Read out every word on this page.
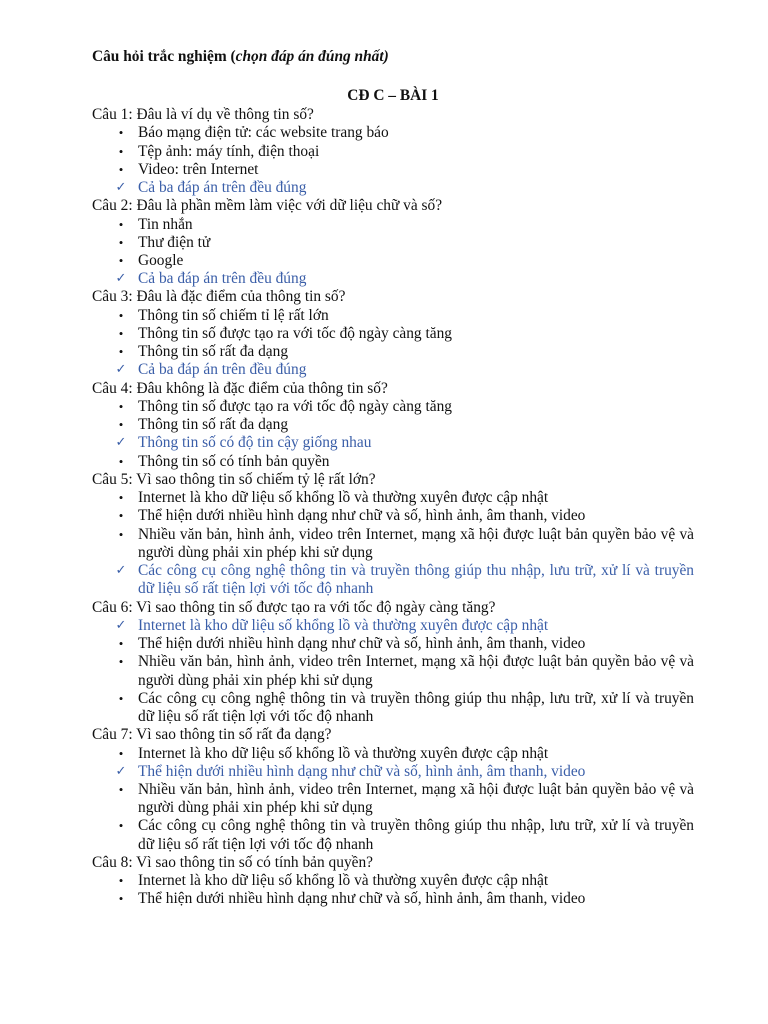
Câu hỏi trắc nghiệm (chọn đáp án đúng nhất)
CĐ C – BÀI 1
Câu 1: Đâu là ví dụ về thông tin số?
• Báo mạng điện tử: các website trang báo
• Tệp ảnh: máy tính, điện thoại
• Video: trên Internet
✓ Cả ba đáp án trên đều đúng
Câu 2: Đâu là phần mềm làm việc với dữ liệu chữ và số?
• Tin nhắn
• Thư điện tử
• Google
✓ Cả ba đáp án trên đều đúng
Câu 3: Đâu là đặc điểm của thông tin số?
• Thông tin số chiếm tỉ lệ rất lớn
• Thông tin số được tạo ra với tốc độ ngày càng tăng
• Thông tin số rất đa dạng
✓ Cả ba đáp án trên đều đúng
Câu 4: Đâu không là đặc điểm của thông tin số?
• Thông tin số được tạo ra với tốc độ ngày càng tăng
• Thông tin số rất đa dạng
✓ Thông tin số có độ tin cậy giống nhau
• Thông tin số có tính bản quyền
Câu 5: Vì sao thông tin số chiếm tỷ lệ rất lớn?
• Internet là kho dữ liệu số khổng lồ và thường xuyên được cập nhật
• Thể hiện dưới nhiều hình dạng như chữ và số, hình ảnh, âm thanh, video
• Nhiều văn bản, hình ảnh, video trên Internet, mạng xã hội được luật bản quyền bảo vệ và người dùng phải xin phép khi sử dụng
✓ Các công cụ công nghệ thông tin và truyền thông giúp thu nhập, lưu trữ, xử lí và truyền dữ liệu số rất tiện lợi với tốc độ nhanh
Câu 6: Vì sao thông tin số được tạo ra với tốc độ ngày càng tăng?
✓ Internet là kho dữ liệu số khổng lồ và thường xuyên được cập nhật
• Thể hiện dưới nhiều hình dạng như chữ và số, hình ảnh, âm thanh, video
• Nhiều văn bản, hình ảnh, video trên Internet, mạng xã hội được luật bản quyền bảo vệ và người dùng phải xin phép khi sử dụng
• Các công cụ công nghệ thông tin và truyền thông giúp thu nhập, lưu trữ, xử lí và truyền dữ liệu số rất tiện lợi với tốc độ nhanh
Câu 7: Vì sao thông tin số rất đa dạng?
• Internet là kho dữ liệu số khổng lồ và thường xuyên được cập nhật
✓ Thể hiện dưới nhiều hình dạng như chữ và số, hình ảnh, âm thanh, video
• Nhiều văn bản, hình ảnh, video trên Internet, mạng xã hội được luật bản quyền bảo vệ và người dùng phải xin phép khi sử dụng
• Các công cụ công nghệ thông tin và truyền thông giúp thu nhập, lưu trữ, xử lí và truyền dữ liệu số rất tiện lợi với tốc độ nhanh
Câu 8: Vì sao thông tin số có tính bản quyền?
• Internet là kho dữ liệu số khổng lồ và thường xuyên được cập nhật
• Thể hiện dưới nhiều hình dạng như chữ và số, hình ảnh, âm thanh, video
